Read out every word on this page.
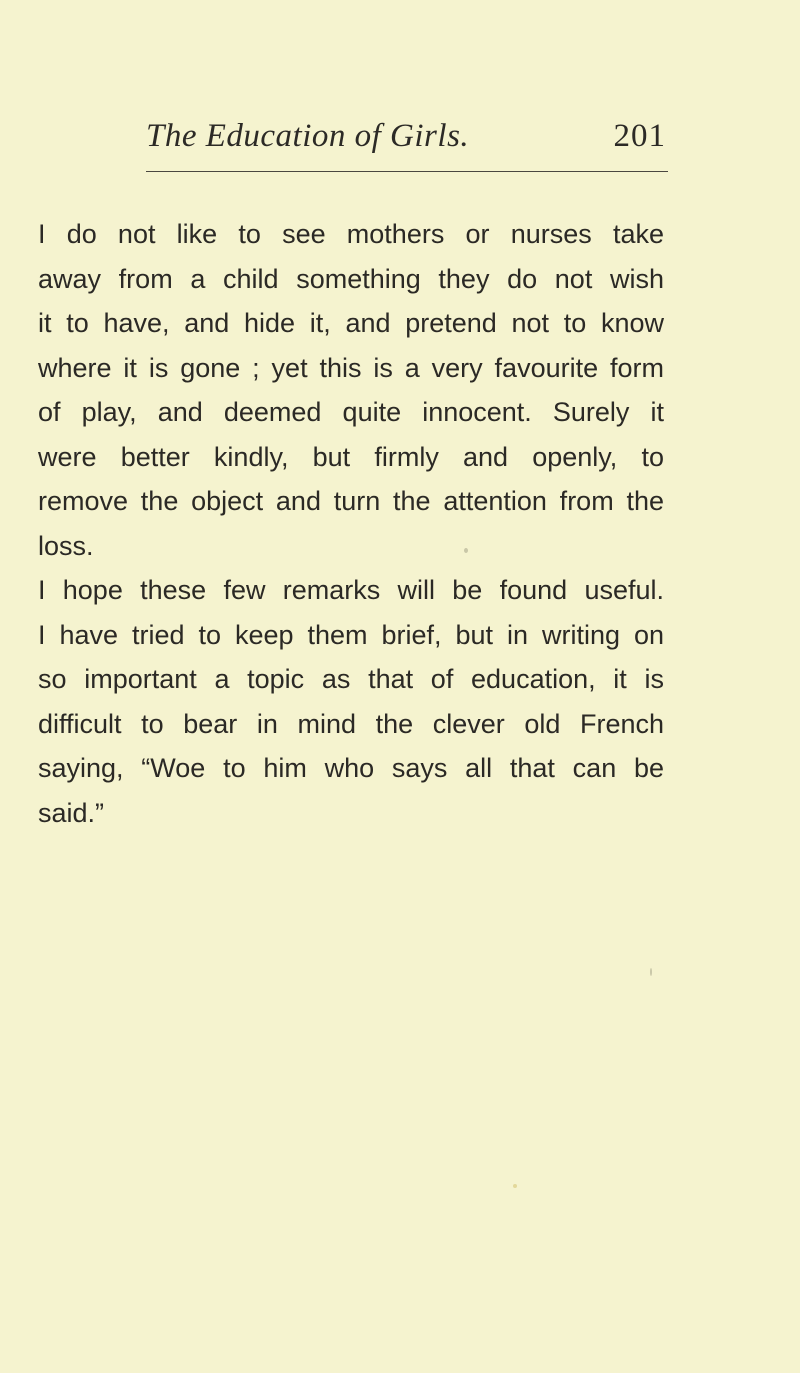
The Education of Girls.	201
I do not like to see mothers or nurses take
away from a child something they do not wish
it to have, and hide it, and pretend not to know
where it is gone ; yet this is a very favourite form
of play, and deemed quite innocent. Surely it
were better kindly, but firmly and openly, to
remove the object and turn the attention from the
loss.
I hope these few remarks will be found useful.
I have tried to keep them brief, but in writing on
so important a topic as that of education, it is
difficult to bear in mind the clever old French
saying, “Woe to him who says all that can be
said.”
